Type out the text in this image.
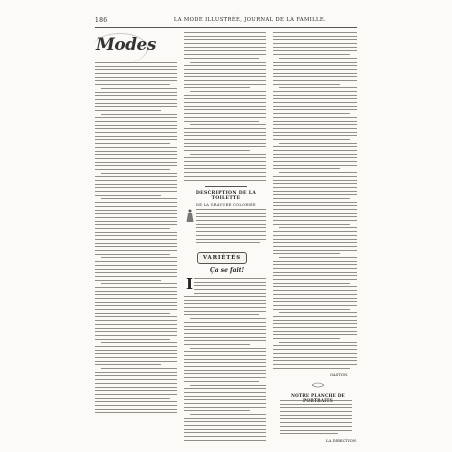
186	LA MODE ILLUSTRÉE, JOURNAL DE LA FAMILLE.
Modes
DESCRIPTION DE LA TOILETTE
DE LA GRAVURE COLORIÉE
VARIÉTÉS
Ça se fait!
I
GASTON.
NOTRE PLANCHE DE
LA DIRECTION.
